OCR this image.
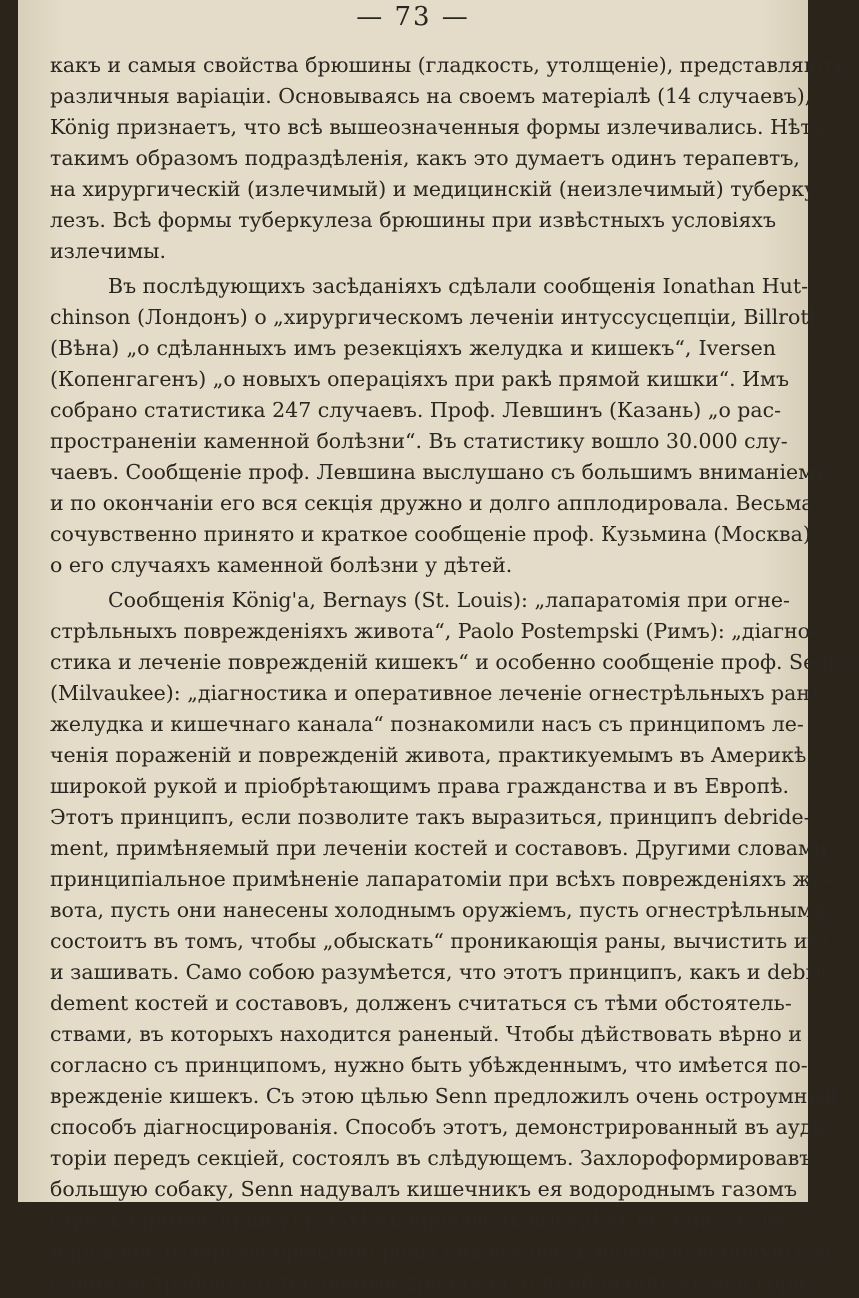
— 73 —
какъ и самыя свойства брюшины (гладкость, утолщеніе), представляютъ
различныя варіаціи. Основываясь на своемъ матеріалѣ (14 случаевъ),
König признаетъ, что всѣ вышеозначенныя формы излечивались. Нѣтъ
такимъ образомъ подраздѣленія, какъ это думаетъ одинъ терапевтъ,
на хирургическій (излечимый) и медицинскій (неизлечимый) туберку-
лезъ. Всѣ формы туберкулеза брюшины при извѣстныхъ условіяхъ
излечимы.
Въ послѣдующихъ засѣданіяхъ сдѣлали сообщенія Ionathan Hut-
chinson (Лондонъ) о „хирургическомъ леченіи интуссусцепціи, Billroth
(Вѣна) „о сдѣланныхъ имъ резекціяхъ желудка и кишекъ“, Iversen
(Копенгагенъ) „о новыхъ операціяхъ при ракѣ прямой кишки“. Имъ
собрано статистика 247 случаевъ. Проф. Левшинъ (Казань) „о рас-
пространеніи каменной болѣзни“. Въ статистику вошло 30.000 слу-
чаевъ. Сообщеніе проф. Левшина выслушано съ большимъ вниманіемъ
и по окончаніи его вся секція дружно и долго апплодировала. Весьма
сочувственно принято и краткое сообщеніе проф. Кузьмина (Москва)
о его случаяхъ каменной болѣзни у дѣтей.
Сообщенія König'а, Bernays (St. Louis): „лапаратомія при огне-
стрѣльныхъ поврежденіяхъ живота“, Paolo Postempski (Римъ): „діагно-
стика и леченіе поврежденій кишекъ“ и особенно сообщеніе проф. Senn'а
(Milvaukee): „діагностика и оперативное леченіе огнестрѣльныхъ ранъ
желудка и кишечнаго канала“ познакомили насъ съ принципомъ ле-
ченія пораженій и поврежденій живота, практикуемымъ въ Америкѣ
широкой рукой и пріобрѣтающимъ права гражданства и въ Европѣ.
Этотъ принципъ, если позволите такъ выразиться, принципъ debride-
ment, примѣняемый при леченіи костей и составовъ. Другими словами
принципіальное примѣненіе лапаратоміи при всѣхъ поврежденіяхъ жи-
вота, пусть они нанесены холоднымъ оружіемъ, пусть огнестрѣльнымъ,
состоитъ въ томъ, чтобы „обыскать“ проникающія раны, вычистить ихъ
и зашивать. Само собою разумѣется, что этотъ принципъ, какъ и debri-
dement костей и составовъ, долженъ считаться съ тѣми обстоятель-
ствами, въ которыхъ находится раненый. Чтобы дѣйствовать вѣрно и
согласно съ принципомъ, нужно быть убѣжденнымъ, что имѣется по-
врежденіе кишекъ. Съ этою цѣлью Senn предложилъ очень остроумный
способъ діагносцированія. Способъ этотъ, демонстрированный въ ауди-
торіи передъ секціей, состоялъ въ слѣдующемъ. Захлороформировавъ
большую собаку, Senn надувалъ кишечникъ ея водороднымъ газомъ
(чрезъ прямую кишку) и затѣмъ произвелъ выстрѣлъ въ животъ. Въ
наружное отверстіе брюшной раны онъ вставилъ маленькую полую сте-
клянную трубочку (стеклянный дренажъ), и приблизилъ къ ней горя-
